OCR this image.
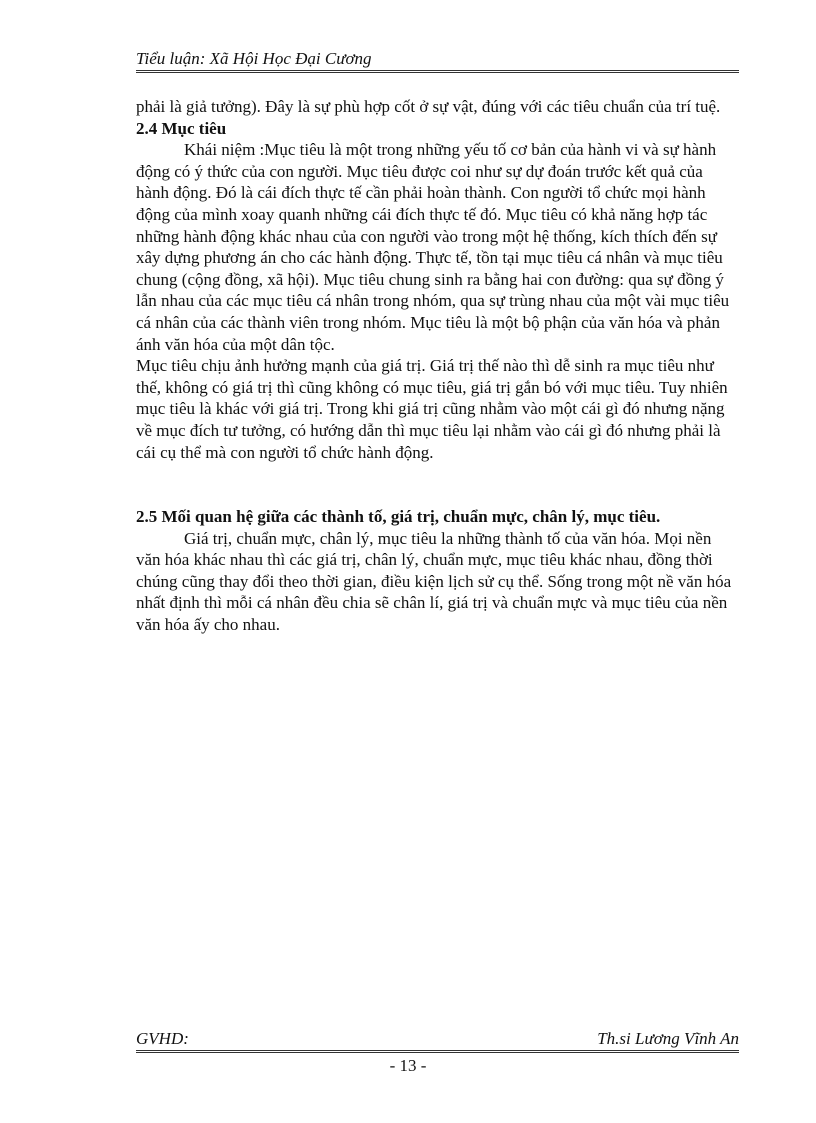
Tiểu luận: Xã Hội Học Đại Cương

phải là giả tưởng). Đây là sự phù hợp cốt ở sự vật, đúng với các tiêu chuẩn của trí tuệ.

2.4 Mục tiêu

Khái niệm :Mục tiêu là một trong những yếu tố cơ bản của hành vi và sự hành động có ý thức của con người. Mục tiêu được coi như sự dự đoán trước kết quả của hành động. Đó là cái đích thực tế cần phải hoàn thành. Con người tổ chức mọi hành động của mình xoay quanh những cái đích thực tế đó. Mục tiêu có khả năng hợp tác những hành động khác nhau của con người vào trong một hệ thống, kích thích đến sự xây dựng phương án cho các hành động. Thực tế, tồn tại mục tiêu cá nhân và mục tiêu chung (cộng đồng, xã hội). Mục tiêu chung sinh ra bằng hai con đường: qua sự đồng ý lẫn nhau của các mục tiêu cá nhân trong nhóm, qua sự trùng nhau của một vài mục tiêu cá nhân của các thành viên trong nhóm. Mục tiêu là một bộ phận của văn hóa và phản ánh văn hóa của một dân tộc.

Mục tiêu chịu ảnh hưởng mạnh của giá trị. Giá trị thế nào thì dễ sinh ra mục tiêu như thế, không có giá trị thì cũng không có mục tiêu, giá trị gắn bó với mục tiêu. Tuy nhiên mục tiêu là khác với giá trị. Trong khi giá trị cũng nhằm vào một cái gì đó nhưng nặng về mục đích tư tưởng, có hướng dẫn thì mục tiêu lại nhằm vào cái gì đó nhưng phải là cái cụ thể mà con người tổ chức hành động.

2.5 Mối quan hệ giữa các thành tố, giá trị, chuẩn mực, chân lý, mục tiêu.

Giá trị, chuẩn mực, chân lý, mục tiêu la những thành tố của văn hóa. Mọi nền văn hóa khác nhau thì các giá trị, chân lý, chuẩn mực, mục tiêu khác nhau, đồng thời chúng cũng thay đổi theo thời gian, điều kiện lịch sử cụ thể. Sống trong một nề văn hóa nhất định thì mỗi cá nhân đều chia sẽ chân lí, giá trị và chuẩn mực và mục tiêu của nền văn hóa ấy cho nhau.

GVHD:	Th.si Lương Vĩnh An
- 13 -
